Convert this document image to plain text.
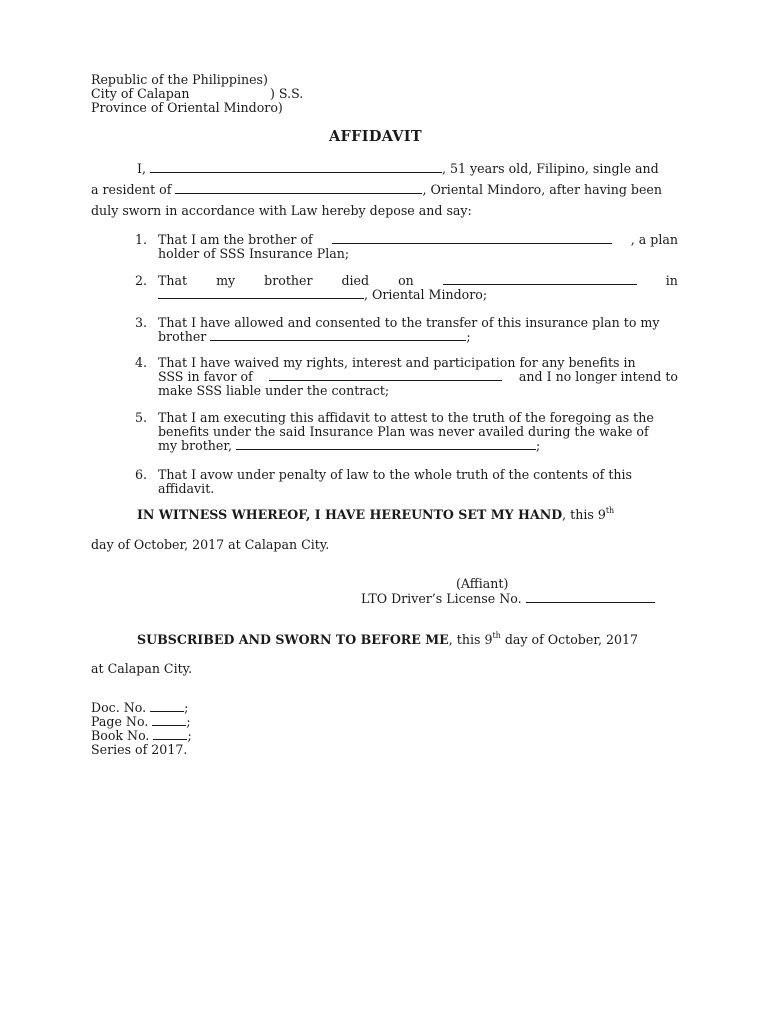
Republic of the Philippines)
City of Calapan	) S.S.
Province of Oriental Mindoro)
AFFIDAVIT
I,	, 51 years old, Filipino, single and
a resident of	, Oriental Mindoro, after having been
duly sworn in accordance with Law hereby depose and say:
1. That I am the brother of	, a plan
holder of SSS Insurance Plan;
2. That my brother died on	in
, Oriental Mindoro;
3. That I have allowed and consented to the transfer of this insurance plan to my
brother	;
4. That I have waived my rights, interest and participation for any benefits in
SSS in favor of	and I no longer intend to
make SSS liable under the contract;
5. That I am executing this affidavit to attest to the truth of the foregoing as the
benefits under the said Insurance Plan was never availed during the wake of
my brother,	;
6. That I avow under penalty of law to the whole truth of the contents of this
affidavit.
IN WITNESS WHEREOF, I HAVE HEREUNTO SET MY HAND, this 9th
day of October, 2017 at Calapan City.
(Affiant)
LTO Driver’s License No.
SUBSCRIBED AND SWORN TO BEFORE ME, this 9th day of October, 2017
at Calapan City.
Doc. No.	;
Page No.	;
Book No.	;
Series of 2017.
